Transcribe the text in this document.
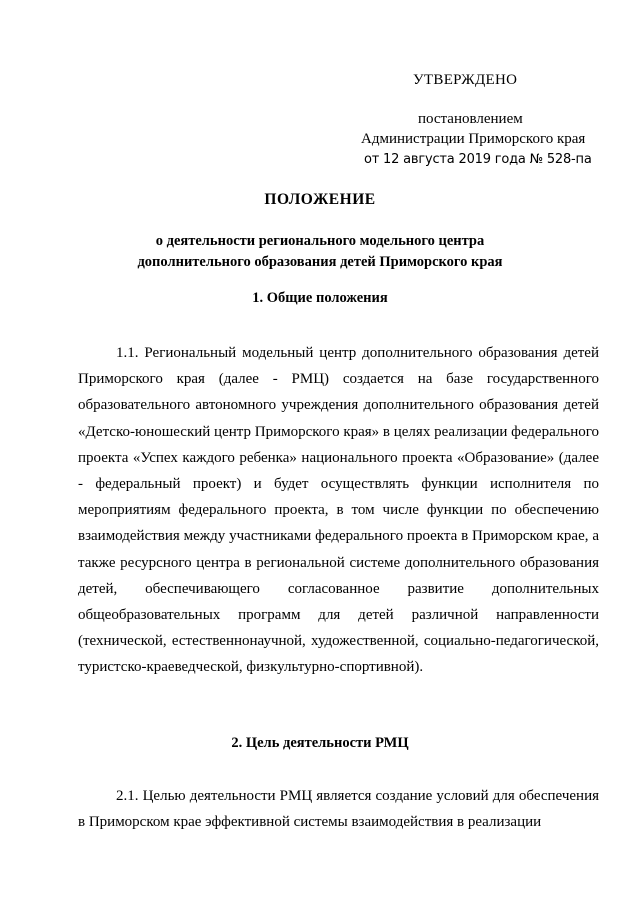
УТВЕРЖДЕНО
постановлением
Администрации Приморского края
от 12 августа 2019 года № 528-па
ПОЛОЖЕНИЕ
о деятельности регионального модельного центра
дополнительного образования детей Приморского края
1. Общие положения

1.1. Региональный модельный центр дополнительного образования детей Приморского края (далее - РМЦ) создается на базе государственного образовательного автономного учреждения дополнительного образования детей «Детско-юношеский центр Приморского края» в целях реализации федерального проекта «Успех каждого ребенка» национального проекта «Образование» (далее - федеральный проект) и будет осуществлять функции исполнителя по мероприятиям федерального проекта, в том числе функции по обеспечению взаимодействия между участниками федерального проекта в Приморском крае, а также ресурсного центра в региональной системе дополнительного образования детей, обеспечивающего согласованное развитие дополнительных общеобразовательных программ для детей различной направленности (технической, естественнонаучной, художественной, социально-педагогической, туристско-краеведческой, физкультурно-спортивной).

2. Цель деятельности РМЦ

2.1. Целью деятельности РМЦ является создание условий для обеспечения в Приморском крае эффективной системы взаимодействия в реализации
